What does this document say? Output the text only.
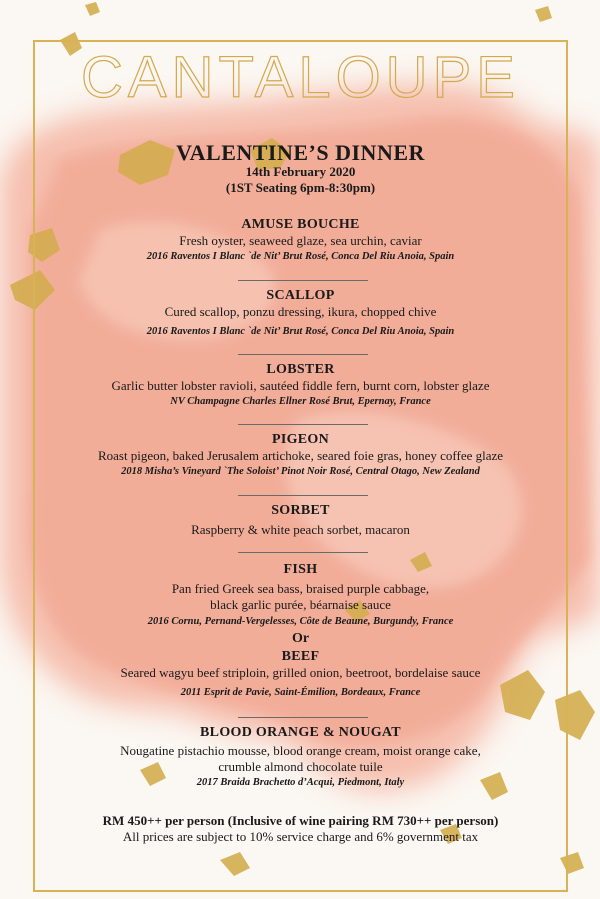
CANTALOUPE
VALENTINE’S DINNER
14th February 2020
(1ST Seating 6pm-8:30pm)
AMUSE BOUCHE
Fresh oyster, seaweed glaze, sea urchin, caviar
2016 Raventos I Blanc `de Nit’ Brut Rosé, Conca Del Riu Anoia, Spain
SCALLOP
Cured scallop, ponzu dressing, ikura, chopped chive
2016 Raventos I Blanc `de Nit’ Brut Rosé, Conca Del Riu Anoia, Spain
LOBSTER
Garlic butter lobster ravioli, sautéed fiddle fern, burnt corn, lobster glaze
NV Champagne Charles Ellner Rosé Brut, Epernay, France
PIGEON
Roast pigeon, baked Jerusalem artichoke, seared foie gras, honey coffee glaze
2018 Misha’s Vineyard `The Soloist’ Pinot Noir Rosé, Central Otago, New Zealand
SORBET
Raspberry & white peach sorbet, macaron
FISH
Pan fried Greek sea bass, braised purple cabbage,
black garlic purée, béarnaise sauce
2016 Cornu, Pernand-Vergelesses, Côte de Beaune, Burgundy, France
Or
BEEF
Seared wagyu beef striploin, grilled onion, beetroot, bordelaise sauce
2011 Esprit de Pavie, Saint-Émilion, Bordeaux, France
BLOOD ORANGE & NOUGAT
Nougatine pistachio mousse, blood orange cream, moist orange cake,
crumble almond chocolate tuile
2017 Braida Brachetto d’Acqui, Piedmont, Italy
RM 450++ per person (Inclusive of wine pairing RM 730++ per person)
All prices are subject to 10% service charge and 6% government tax
